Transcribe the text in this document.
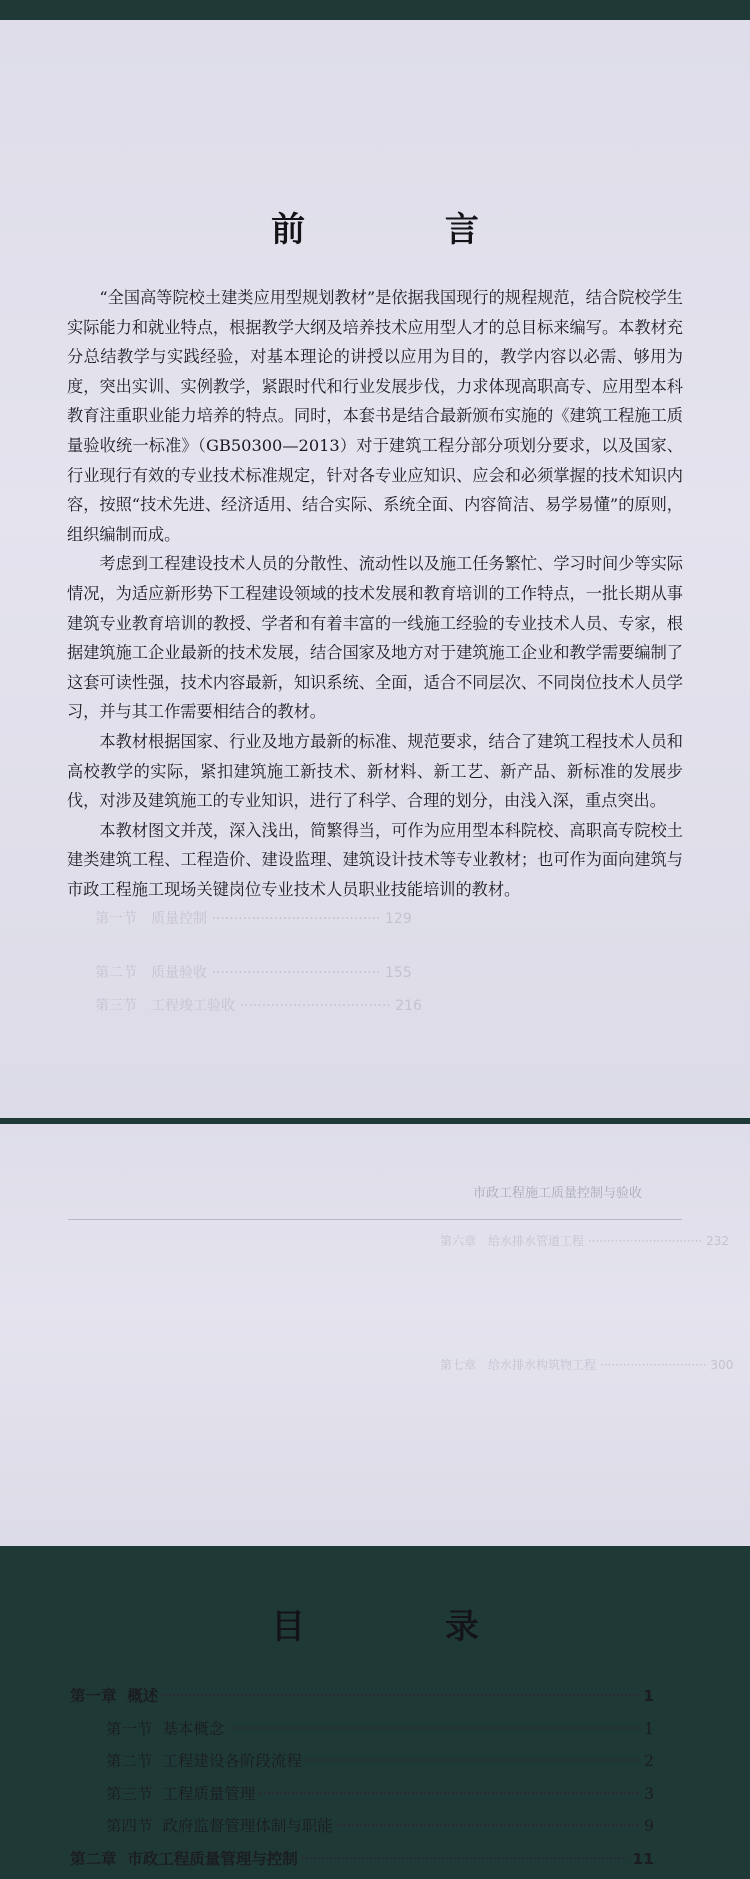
第一节　质量控制 ······································ 129
第二节　质量验收 ······································ 155
第三节　工程竣工验收 ·································· 216
前 言

“全国高等院校土建类应用型规划教材”是依据我国现行的规程规范，结合院校学生实际能力和就业特点，根据教学大纲及培养技术应用型人才的总目标来编写。本教材充分总结教学与实践经验，对基本理论的讲授以应用为目的，教学内容以必需、够用为度，突出实训、实例教学，紧跟时代和行业发展步伐，力求体现高职高专、应用型本科教育注重职业能力培养的特点。同时，本套书是结合最新颁布实施的《建筑工程施工质量验收统一标准》（GB50300—2013）对于建筑工程分部分项划分要求，以及国家、行业现行有效的专业技术标准规定，针对各专业应知识、应会和必须掌握的技术知识内容，按照“技术先进、经济适用、结合实际、系统全面、内容简洁、易学易懂”的原则，组织编制而成。

考虑到工程建设技术人员的分散性、流动性以及施工任务繁忙、学习时间少等实际情况，为适应新形势下工程建设领域的技术发展和教育培训的工作特点，一批长期从事建筑专业教育培训的教授、学者和有着丰富的一线施工经验的专业技术人员、专家，根据建筑施工企业最新的技术发展，结合国家及地方对于建筑施工企业和教学需要编制了这套可读性强，技术内容最新，知识系统、全面，适合不同层次、不同岗位技术人员学习，并与其工作需要相结合的教材。

本教材根据国家、行业及地方最新的标准、规范要求，结合了建筑工程技术人员和高校教学的实际，紧扣建筑施工新技术、新材料、新工艺、新产品、新标准的发展步伐，对涉及建筑施工的专业知识，进行了科学、合理的划分，由浅入深，重点突出。

本教材图文并茂，深入浅出，简繁得当，可作为应用型本科院校、高职高专院校土建类建筑工程、工程造价、建设监理、建筑设计技术等专业教材；也可作为面向建筑与市政工程施工现场关键岗位专业技术人员职业技能培训的教材。

市政工程施工质量控制与验收
第六章　给水排水管道工程 ······························ 232
第七章　给水排水构筑物工程 ···························· 300
目 录
第一章  概述	1
第一节  基本概念	1
第二节  工程建设各阶段流程	2
第三节  工程质量管理	3
第四节  政府监督管理体制与职能	9
第二章  市政工程质量管理与控制	11
